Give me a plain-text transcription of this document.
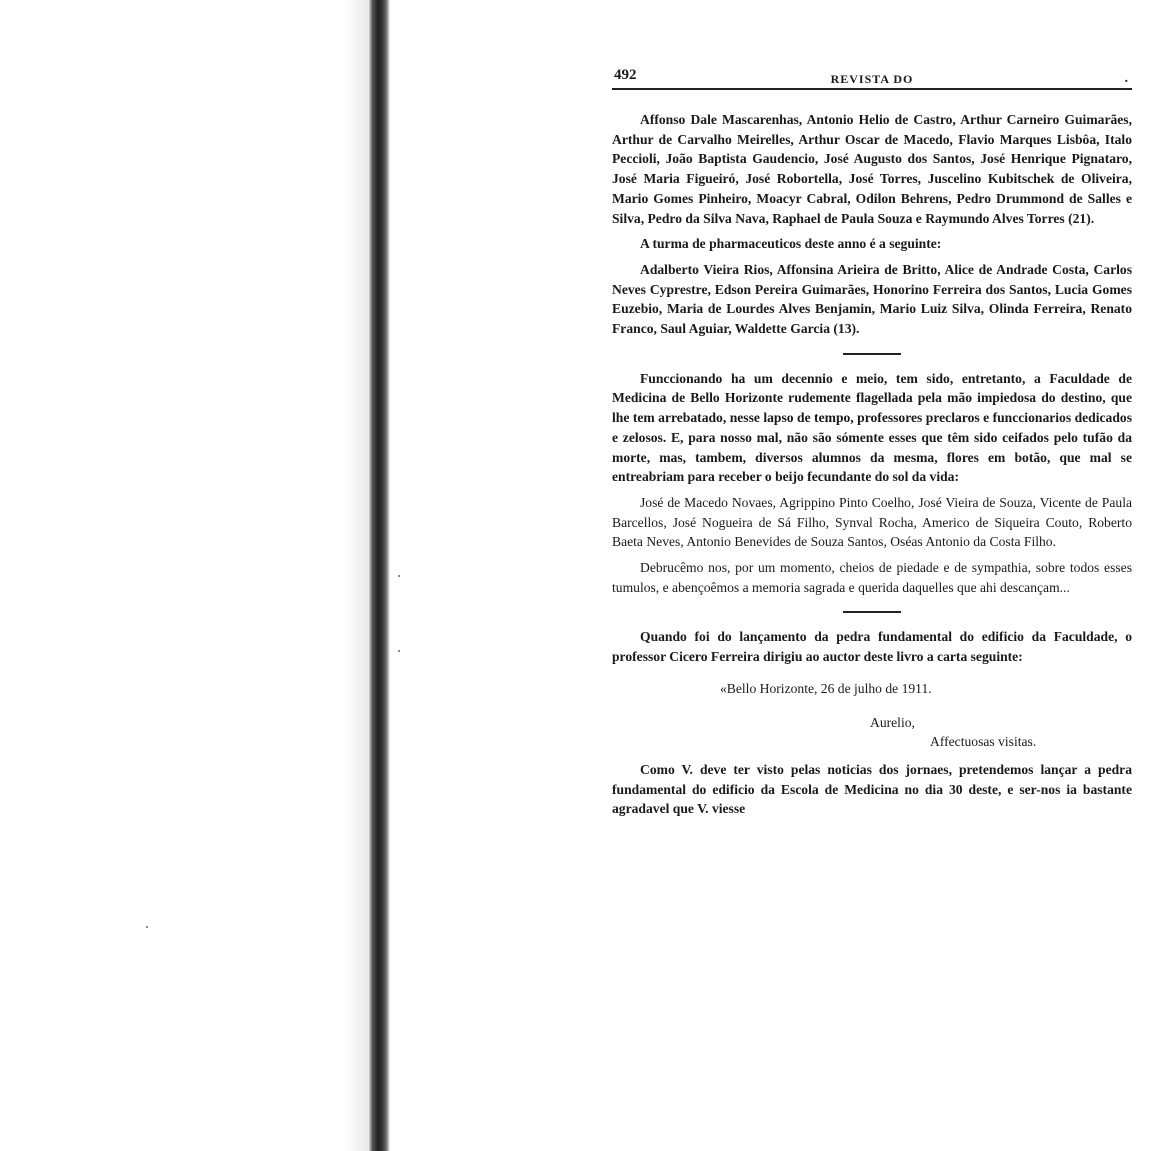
492	REVISTA DO	.

Affonso Dale Mascarenhas, Antonio Helio de Castro, Arthur Carneiro Guimarães, Arthur de Carvalho Meirelles, Arthur Oscar de Macedo, Flavio Marques Lisbôa, Italo Peccioli, João Baptista Gaudencio, José Augusto dos Santos, José Henrique Pignataro, José Maria Figueiró, José Robortella, José Torres, Juscelino Kubitschek de Oliveira, Mario Gomes Pinheiro, Moacyr Cabral, Odilon Behrens, Pedro Drummond de Salles e Silva, Pedro da Silva Nava, Raphael de Paula Souza e Raymundo Alves Torres (21).

A turma de pharmaceuticos deste anno é a seguinte:

Adalberto Vieira Rios, Affonsina Arieira de Britto, Alice de Andrade Costa, Carlos Neves Cyprestre, Edson Pereira Guimarães, Honorino Ferreira dos Santos, Lucia Gomes Euzebio, Maria de Lourdes Alves Benjamin, Mario Luiz Silva, Olinda Ferreira, Renato Franco, Saul Aguiar, Waldette Garcia (13).

Funccionando ha um decennio e meio, tem sido, entretanto, a Faculdade de Medicina de Bello Horizonte rudemente flagellada pela mão impiedosa do destino, que lhe tem arrebatado, nesse lapso de tempo, professores preclaros e funccionarios dedicados e zelosos. E, para nosso mal, não são sómente esses que têm sido ceifados pelo tufão da morte, mas, tambem, diversos alumnos da mesma, flores em botão, que mal se entreabriam para receber o beijo fecundante do sol da vida:

José de Macedo Novaes, Agrippino Pinto Coelho, José Vieira de Souza, Vicente de Paula Barcellos, José Nogueira de Sá Filho, Synval Rocha, Americo de Siqueira Couto, Roberto Baeta Neves, Antonio Benevides de Souza Santos, Oséas Antonio da Costa Filho.

Debrucêmo nos, por um momento, cheios de piedade e de sympathia, sobre todos esses tumulos, e abençoêmos a memoria sagrada e querida daquelles que ahi descançam...

Quando foi do lançamento da pedra fundamental do edificio da Faculdade, o professor Cicero Ferreira dirigiu ao auctor deste livro a carta seguinte:

«Bello Horizonte, 26 de julho de 1911.
Aurelio,
Affectuosas visitas.

Como V. deve ter visto pelas noticias dos jornaes, pretendemos lançar a pedra fundamental do edificio da Escola de Medicina no dia 30 deste, e ser-nos ia bastante agradavel que V. viesse
